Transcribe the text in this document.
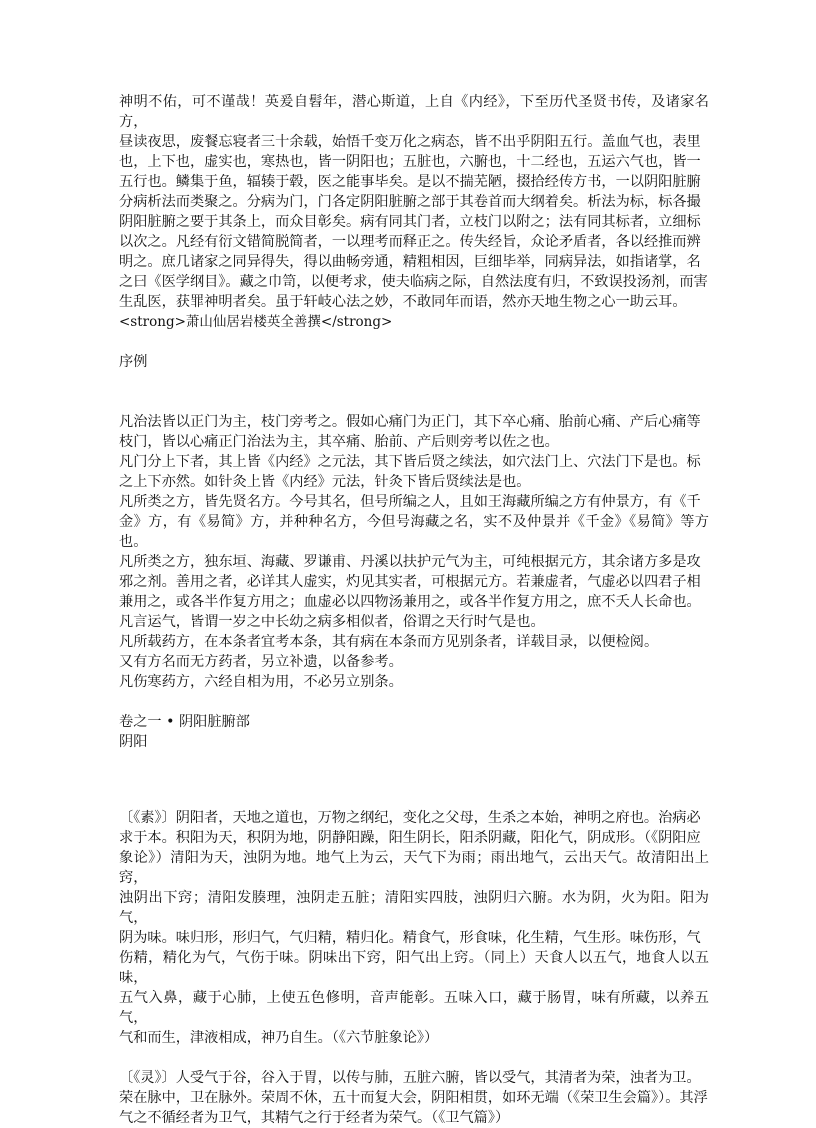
神明不佑，可不谨哉！英爰自髫年，潜心斯道，上自《内经》，下至历代圣贤书传，及诸家名方，
昼读夜思，废餐忘寝者三十余载，始悟千变万化之病态，皆不出乎阴阳五行。盖血气也，表里
也，上下也，虚实也，寒热也，皆一阴阳也；五脏也，六腑也，十二经也，五运六气也，皆一
五行也。鳞集于鱼，辐辏于毂，医之能事毕矣。是以不揣芜陋，掇拾经传方书，一以阴阳脏腑
分病析法而类聚之。分病为门，门各定阴阳脏腑之部于其卷首而大纲着矣。析法为标，标各撮
阴阳脏腑之要于其条上，而众目彰矣。病有同其门者，立枝门以附之；法有同其标者，立细标
以次之。凡经有衍文错简脱简者，一以理考而释正之。传失经旨，众论矛盾者，各以经推而辨
明之。庶几诸家之同异得失，得以曲畅旁通，精粗相因，巨细毕举，同病异法，如指诸掌，名
之曰《医学纲目》。藏之巾笥，以便考求，使夫临病之际，自然法度有归，不致误投汤剂，而害
生乱医，获罪神明者矣。虽于轩岐心法之妙，不敢同年而语，然亦天地生物之心一助云耳。

<strong>萧山仙居岩楼英全善撰</strong>

序例

凡治法皆以正门为主，枝门旁考之。假如心痛门为正门，其下卒心痛、胎前心痛、产后心痛等
枝门，皆以心痛正门治法为主，其卒痛、胎前、产后则旁考以佐之也。
凡门分上下者，其上皆《内经》之元法，其下皆后贤之续法，如穴法门上、穴法门下是也。标
之上下亦然。如针灸上皆《内经》元法，针灸下皆后贤续法是也。
凡所类之方，皆先贤名方。今号其名，但号所编之人，且如王海藏所编之方有仲景方，有《千
金》方，有《易简》方，并种种名方，今但号海藏之名，实不及仲景并《千金》《易简》等方也。
凡所类之方，独东垣、海藏、罗谦甫、丹溪以扶护元气为主，可纯根据元方，其余诸方多是攻
邪之剂。善用之者，必详其人虚实，灼见其实者，可根据元方。若兼虚者，气虚必以四君子相
兼用之，或各半作复方用之；血虚必以四物汤兼用之，或各半作复方用之，庶不夭人长命也。
凡言运气，皆谓一岁之中长幼之病多相似者，俗谓之天行时气是也。
凡所载药方，在本条者宜考本条，其有病在本条而方见别条者，详载目录，以便检阅。
又有方名而无方药者，另立补遗，以备参考。
凡伤寒药方，六经自相为用，不必另立别条。

卷之一 • 阴阳脏腑部

阴阳

〔《素》〕阴阳者，天地之道也，万物之纲纪，变化之父母，生杀之本始，神明之府也。治病必
求于本。积阳为天，积阴为地，阴静阳躁，阳生阴长，阳杀阴藏，阳化气，阴成形。（《阴阳应
象论》）清阳为天，浊阴为地。地气上为云，天气下为雨；雨出地气，云出天气。故清阳出上窍，
浊阴出下窍；清阳发腠理，浊阴走五脏；清阳实四肢，浊阴归六腑。水为阴，火为阳。阳为气，
阴为味。味归形，形归气，气归精，精归化。精食气，形食味，化生精，气生形。味伤形，气
伤精，精化为气，气伤于味。阴味出下窍，阳气出上窍。（同上）天食人以五气，地食人以五味，
五气入鼻，藏于心肺，上使五色修明，音声能彰。五味入口，藏于肠胃，味有所藏，以养五气，
气和而生，津液相成，神乃自生。（《六节脏象论》）
〔《灵》〕人受气于谷，谷入于胃，以传与肺，五脏六腑，皆以受气，其清者为荣，浊者为卫。
荣在脉中，卫在脉外。荣周不休，五十而复大会，阴阳相贯，如环无端（《荣卫生会篇》）。其浮
气之不循经者为卫气，其精气之行于经者为荣气。（《卫气篇》）
